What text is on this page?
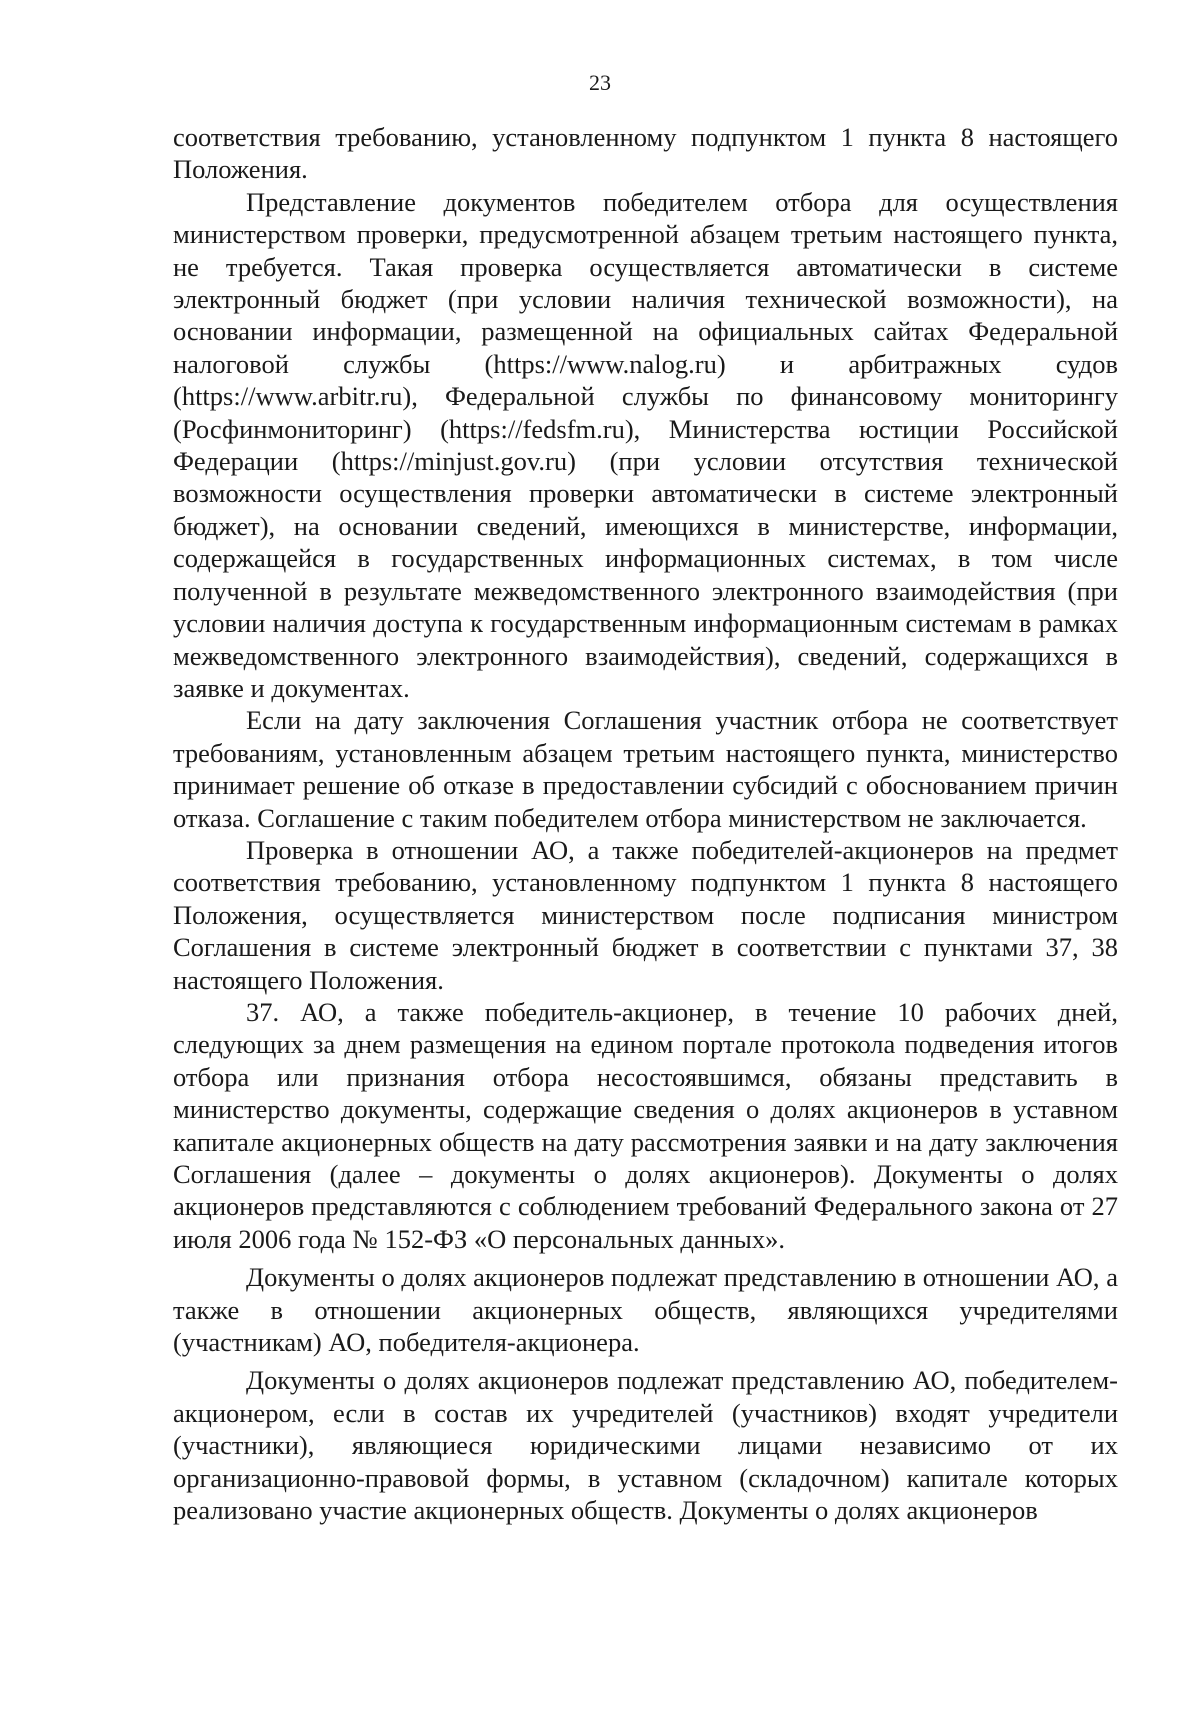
23

соответствия требованию, установленному подпунктом 1 пункта 8 настоящего Положения.

Представление документов победителем отбора для осуществления министерством проверки, предусмотренной абзацем третьим настоящего пункта, не требуется. Такая проверка осуществляется автоматически в системе электронный бюджет (при условии наличия технической возможности), на основании информации, размещенной на официальных сайтах Федеральной налоговой службы (https://www.nalog.ru) и арбитражных судов (https://www.arbitr.ru), Федеральной службы по финансовому мониторингу (Росфинмониторинг) (https://fedsfm.ru), Министерства юстиции Российской Федерации (https://minjust.gov.ru) (при условии отсутствия технической возможности осуществления проверки автоматически в системе электронный бюджет), на основании сведений, имеющихся в министерстве, информации, содержащейся в государственных информационных системах, в том числе полученной в результате межведомственного электронного взаимодействия (при условии наличия доступа к государственным информационным системам в рамках межведомственного электронного взаимодействия), сведений, содержащихся в заявке и документах.

Если на дату заключения Соглашения участник отбора не соответствует требованиям, установленным абзацем третьим настоящего пункта, министерство принимает решение об отказе в предоставлении субсидий с обоснованием причин отказа. Соглашение с таким победителем отбора министерством не заключается.

Проверка в отношении АО, а также победителей-акционеров на предмет соответствия требованию, установленному подпунктом 1 пункта 8 настоящего Положения, осуществляется министерством после подписания министром Соглашения в системе электронный бюджет в соответствии с пунктами 37, 38 настоящего Положения.

37. АО, а также победитель-акционер, в течение 10 рабочих дней, следующих за днем размещения на едином портале протокола подведения итогов отбора или признания отбора несостоявшимся, обязаны представить в министерство документы, содержащие сведения о долях акционеров в уставном капитале акционерных обществ на дату рассмотрения заявки и на дату заключения Соглашения (далее – документы о долях акционеров). Документы о долях акционеров представляются с соблюдением требований Федерального закона от 27 июля 2006 года № 152-ФЗ «О персональных данных».

Документы о долях акционеров подлежат представлению в отношении АО, а также в отношении акционерных обществ, являющихся учредителями (участникам) АО, победителя-акционера.

Документы о долях акционеров подлежат представлению АО, победителем-акционером, если в состав их учредителей (участников) входят учредители (участники), являющиеся юридическими лицами независимо от их организационно-правовой формы, в уставном (складочном) капитале которых реализовано участие акционерных обществ. Документы о долях акционеров
